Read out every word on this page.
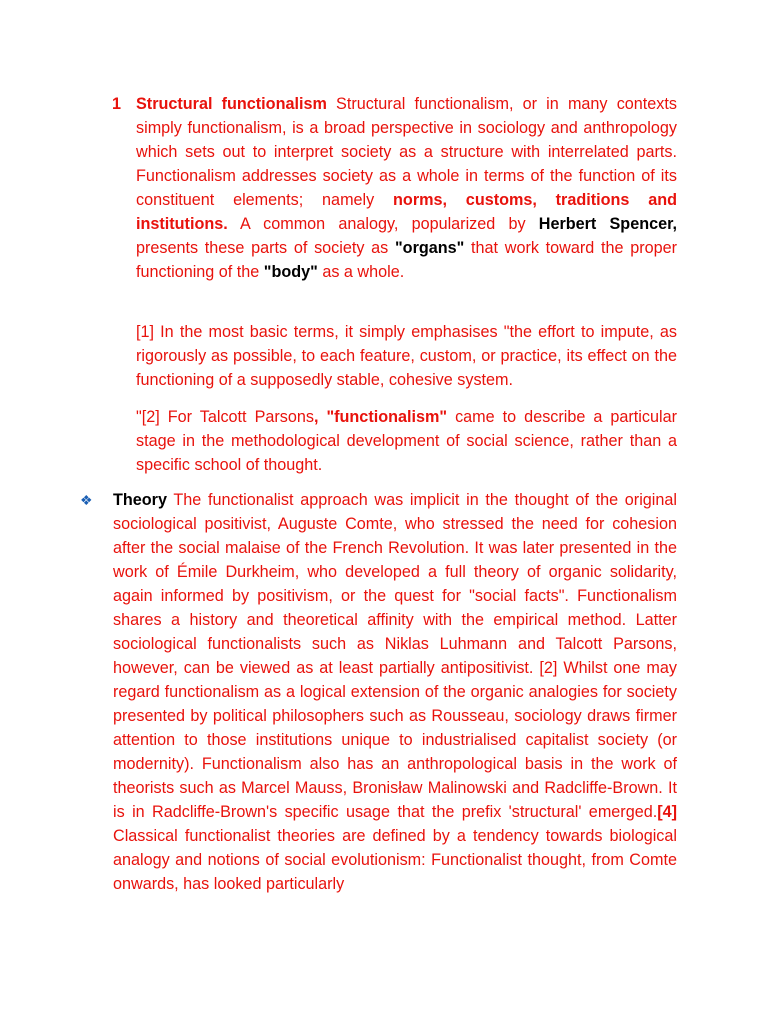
1 Structural functionalism Structural functionalism, or in many contexts simply functionalism, is a broad perspective in sociology and anthropology which sets out to interpret society as a structure with interrelated parts. Functionalism addresses society as a whole in terms of the function of its constituent elements; namely norms, customs, traditions and institutions. A common analogy, popularized by Herbert Spencer, presents these parts of society as "organs" that work toward the proper functioning of the "body" as a whole.

[1] In the most basic terms, it simply emphasises "the effort to impute, as rigorously as possible, to each feature, custom, or practice, its effect on the functioning of a supposedly stable, cohesive system.

"[2] For Talcott Parsons, "functionalism" came to describe a particular stage in the methodological development of social science, rather than a specific school of thought.

❖ Theory The functionalist approach was implicit in the thought of the original sociological positivist, Auguste Comte, who stressed the need for cohesion after the social malaise of the French Revolution. It was later presented in the work of Émile Durkheim, who developed a full theory of organic solidarity, again informed by positivism, or the quest for "social facts". Functionalism shares a history and theoretical affinity with the empirical method. Latter sociological functionalists such as Niklas Luhmann and Talcott Parsons, however, can be viewed as at least partially antipositivist. [2] Whilst one may regard functionalism as a logical extension of the organic analogies for society presented by political philosophers such as Rousseau, sociology draws firmer attention to those institutions unique to industrialised capitalist society (or modernity). Functionalism also has an anthropological basis in the work of theorists such as Marcel Mauss, Bronisław Malinowski and Radcliffe-Brown. It is in Radcliffe-Brown's specific usage that the prefix 'structural' emerged.[4] Classical functionalist theories are defined by a tendency towards biological analogy and notions of social evolutionism: Functionalist thought, from Comte onwards, has looked particularly
